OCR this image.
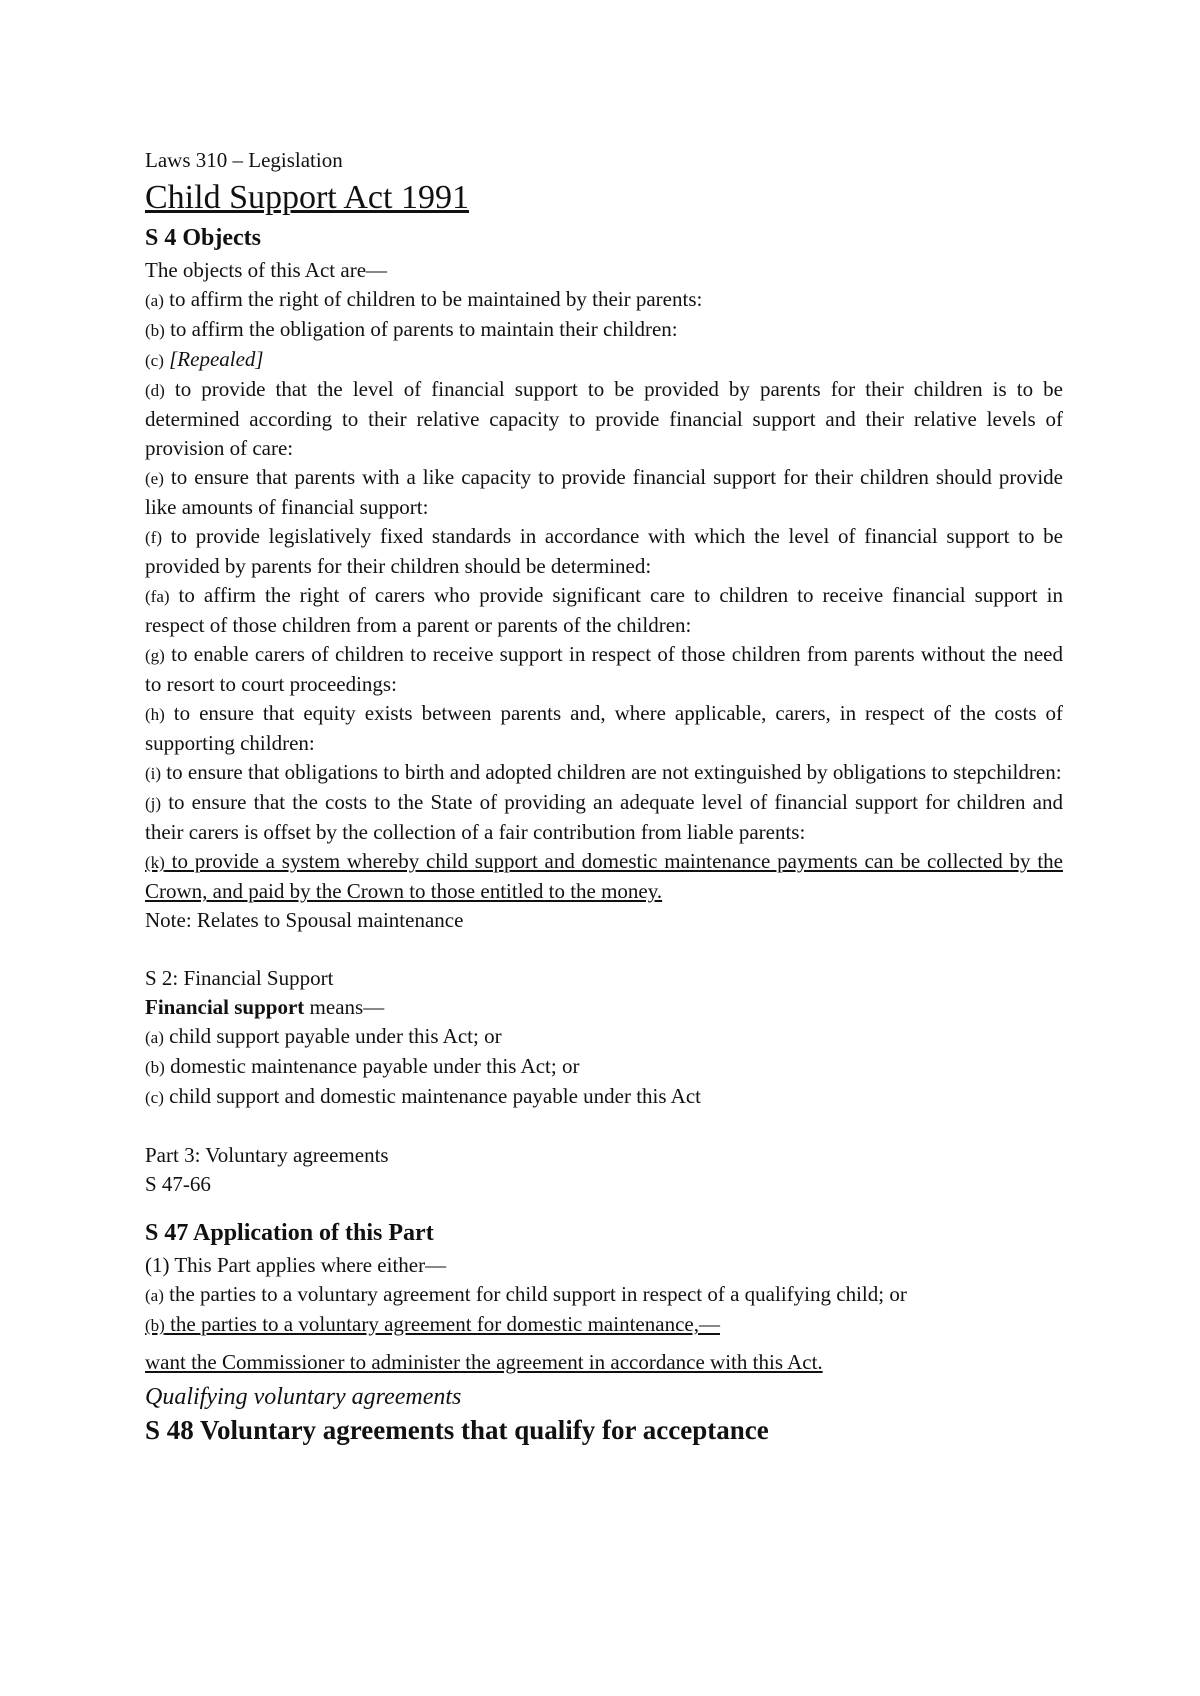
Laws 310 – Legislation

Child Support Act 1991
S 4 Objects

The objects of this Act are—

(a) to affirm the right of children to be maintained by their parents:

(b) to affirm the obligation of parents to maintain their children:

(c) [Repealed]

(d) to provide that the level of financial support to be provided by parents for their children is to be determined according to their relative capacity to provide financial support and their relative levels of provision of care:

(e) to ensure that parents with a like capacity to provide financial support for their children should provide like amounts of financial support:

(f) to provide legislatively fixed standards in accordance with which the level of financial support to be provided by parents for their children should be determined:

(fa) to affirm the right of carers who provide significant care to children to receive financial support in respect of those children from a parent or parents of the children:

(g) to enable carers of children to receive support in respect of those children from parents without the need to resort to court proceedings:

(h) to ensure that equity exists between parents and, where applicable, carers, in respect of the costs of supporting children:

(i) to ensure that obligations to birth and adopted children are not extinguished by obligations to stepchildren:

(j) to ensure that the costs to the State of providing an adequate level of financial support for children and their carers is offset by the collection of a fair contribution from liable parents:

(k) to provide a system whereby child support and domestic maintenance payments can be collected by the Crown, and paid by the Crown to those entitled to the money.

Note: Relates to Spousal maintenance

S 2: Financial Support

Financial support means—

(a) child support payable under this Act; or

(b) domestic maintenance payable under this Act; or

(c) child support and domestic maintenance payable under this Act

Part 3: Voluntary agreements

S 47-66

S 47 Application of this Part

(1) This Part applies where either—

(a) the parties to a voluntary agreement for child support in respect of a qualifying child; or

(b) the parties to a voluntary agreement for domestic maintenance,—

want the Commissioner to administer the agreement in accordance with this Act.

Qualifying voluntary agreements

S 48 Voluntary agreements that qualify for acceptance
